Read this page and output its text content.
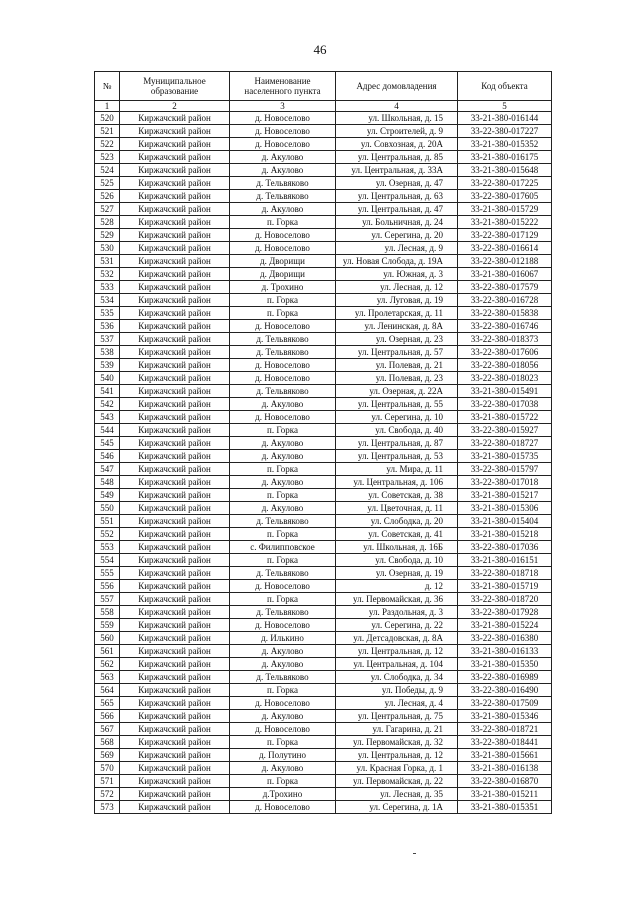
46
№	Муниципальное образование	Наименование населенного пункта	Адрес домовладения	Код объекта
1	2	3	4	5
520	Киржачский район	д. Новоселово	ул. Школьная, д. 15	33-21-380-016144
521	Киржачский район	д. Новоселово	ул. Строителей, д. 9	33-22-380-017227
522	Киржачский район	д. Новоселово	ул. Совхозная, д. 20А	33-21-380-015352
523	Киржачский район	д. Акулово	ул. Центральная, д. 85	33-21-380-016175
524	Киржачский район	д. Акулово	ул. Центральная, д. 33А	33-21-380-015648
525	Киржачский район	д. Тельвяково	ул. Озерная, д. 47	33-22-380-017225
526	Киржачский район	д. Тельвяково	ул. Центральная, д. 63	33-22-380-017605
527	Киржачский район	д. Акулово	ул. Центральная, д. 47	33-21-380-015729
528	Киржачский район	п. Горка	ул. Больничная, д. 24	33-21-380-015222
529	Киржачский район	д. Новоселово	ул. Серегина, д. 20	33-22-380-017129
530	Киржачский район	д. Новоселово	ул. Лесная, д. 9	33-22-380-016614
531	Киржачский район	д. Дворищи	ул. Новая Слобода, д. 19А	33-22-380-012188
532	Киржачский район	д. Дворищи	ул. Южная, д. 3	33-21-380-016067
533	Киржачский район	д. Трохино	ул. Лесная, д. 12	33-22-380-017579
534	Киржачский район	п. Горка	ул. Луговая, д. 19	33-22-380-016728
535	Киржачский район	п. Горка	ул. Пролетарская, д. 11	33-22-380-015838
536	Киржачский район	д. Новоселово	ул. Ленинская, д. 8А	33-22-380-016746
537	Киржачский район	д. Тельвяково	ул. Озерная, д. 23	33-22-380-018373
538	Киржачский район	д. Тельвяково	ул. Центральная, д. 57	33-22-380-017606
539	Киржачский район	д. Новоселово	ул. Полевая, д. 21	33-22-380-018056
540	Киржачский район	д. Новоселово	ул. Полевая, д. 23	33-22-380-018023
541	Киржачский район	д. Тельвяково	ул. Озерная, д. 22А	33-21-380-015491
542	Киржачский район	д. Акулово	ул. Центральная, д. 55	33-22-380-017038
543	Киржачский район	д. Новоселово	ул. Серегина, д. 10	33-21-380-015722
544	Киржачский район	п. Горка	ул. Свобода, д. 40	33-22-380-015927
545	Киржачский район	д. Акулово	ул. Центральная, д. 87	33-22-380-018727
546	Киржачский район	д. Акулово	ул. Центральная, д. 53	33-21-380-015735
547	Киржачский район	п. Горка	ул. Мира, д. 11	33-22-380-015797
548	Киржачский район	д. Акулово	ул. Центральная, д. 106	33-22-380-017018
549	Киржачский район	п. Горка	ул. Советская, д. 38	33-21-380-015217
550	Киржачский район	д. Акулово	ул. Цветочная, д. 11	33-21-380-015306
551	Киржачский район	д. Тельвяково	ул. Слободка, д. 20	33-21-380-015404
552	Киржачский район	п. Горка	ул. Советская, д. 41	33-21-380-015218
553	Киржачский район	с. Филипповское	ул. Школьная, д. 16Б	33-22-380-017036
554	Киржачский район	п. Горка	ул. Свобода, д. 10	33-21-380-016151
555	Киржачский район	д. Тельвяково	ул. Озерная, д. 19	33-22-380-018718
556	Киржачский район	д. Новоселово	д. 12	33-21-380-015719
557	Киржачский район	п. Горка	ул. Первомайская, д. 36	33-22-380-018720
558	Киржачский район	д. Тельвяково	ул. Раздольная, д. 3	33-22-380-017928
559	Киржачский район	д. Новоселово	ул. Серегина, д. 22	33-21-380-015224
560	Киржачский район	д. Илькино	ул. Детсадовская, д. 8А	33-22-380-016380
561	Киржачский район	д. Акулово	ул. Центральная, д. 12	33-21-380-016133
562	Киржачский район	д. Акулово	ул. Центральная, д. 104	33-21-380-015350
563	Киржачский район	д. Тельвяково	ул. Слободка, д. 34	33-22-380-016989
564	Киржачский район	п. Горка	ул. Победы, д. 9	33-22-380-016490
565	Киржачский район	д. Новоселово	ул. Лесная, д. 4	33-22-380-017509
566	Киржачский район	д. Акулово	ул. Центральная, д. 75	33-21-380-015346
567	Киржачский район	д. Новоселово	ул. Гагарина, д. 21	33-22-380-018721
568	Киржачский район	п. Горка	ул. Первомайская, д. 32	33-22-380-018441
569	Киржачский район	д. Полутино	ул. Центральная, д. 12	33-21-380-015661
570	Киржачский район	д. Акулово	ул. Красная Горка, д. 1	33-21-380-016138
571	Киржачский район	п. Горка	ул. Первомайская, д. 22	33-22-380-016870
572	Киржачский район	д.Трохино	ул. Лесная, д. 35	33-21-380-015211
573	Киржачский район	д. Новоселово	ул. Серегина, д. 1А	33-21-380-015351
